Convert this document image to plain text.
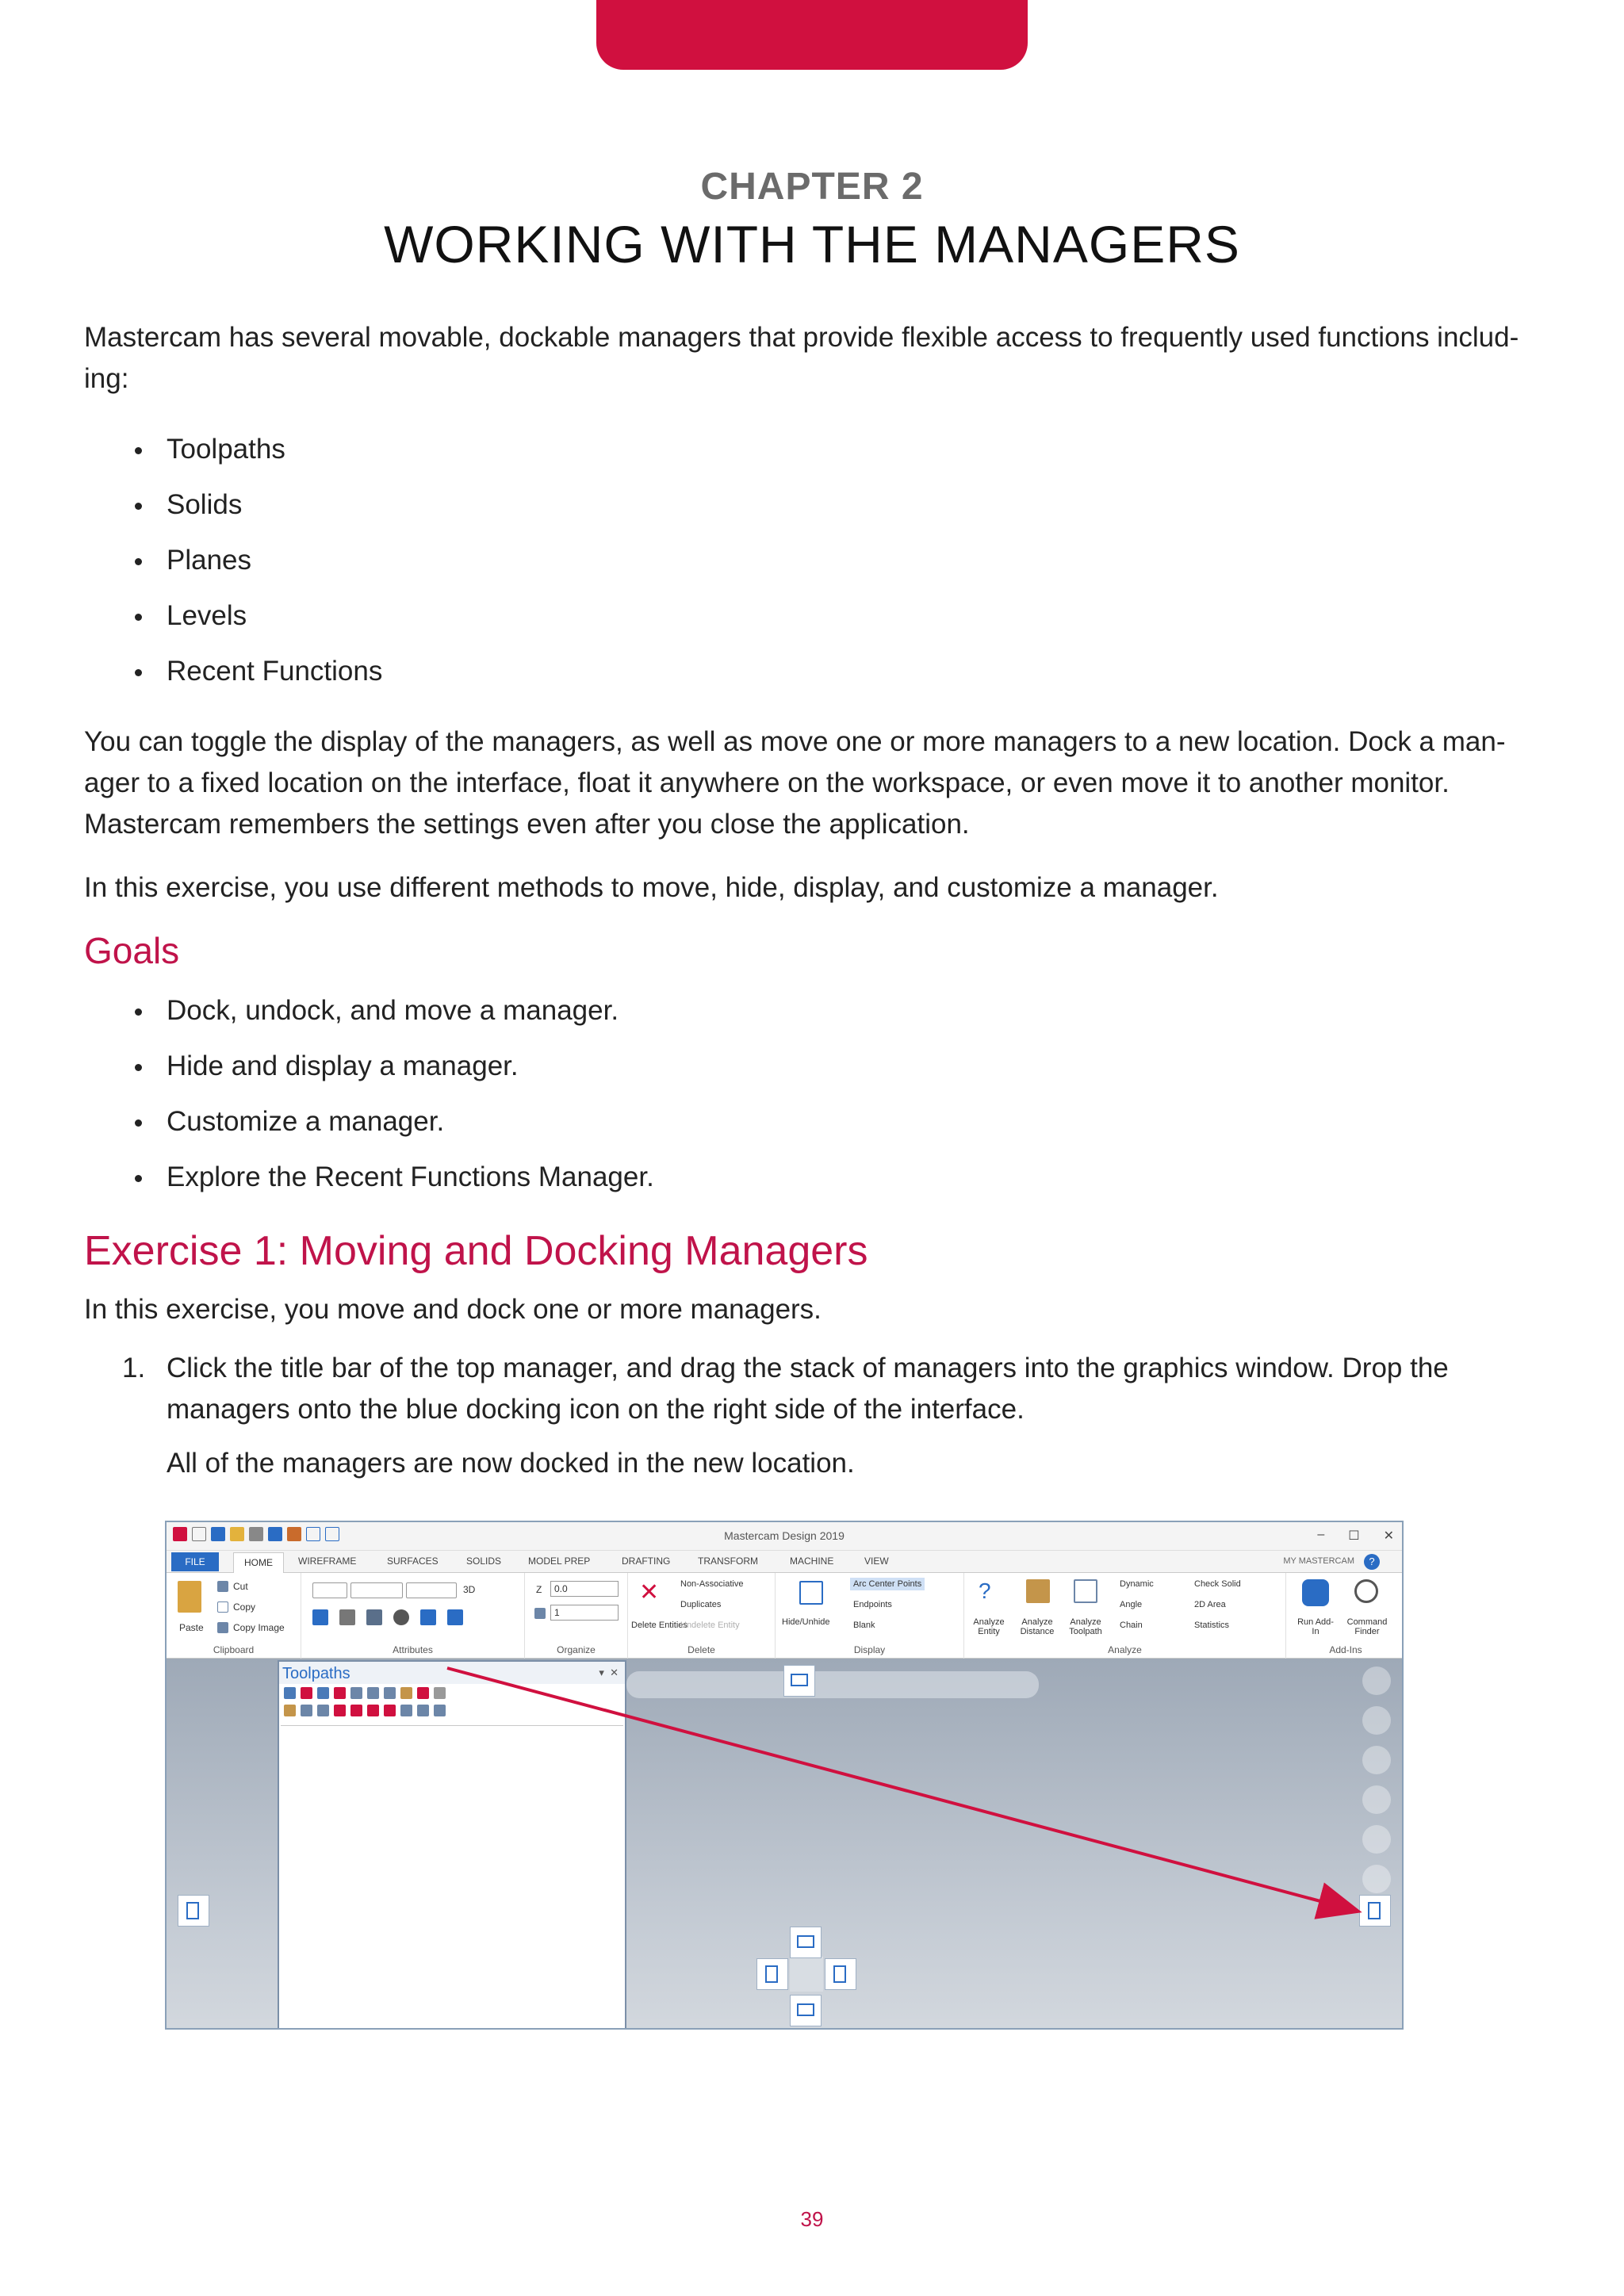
CHAPTER 2
WORKING WITH THE MANAGERS

Mastercam has several movable, dockable managers that provide flexible access to frequently used functions includ-ing:

Toolpaths
Solids
Planes
Levels
Recent Functions

You can toggle the display of the managers, as well as move one or more managers to a new location. Dock a man-ager to a fixed location on the interface, float it anywhere on the workspace, or even move it to another monitor. Mastercam remembers the settings even after you close the application.

In this exercise, you use different methods to move, hide, display, and customize a manager.

Goals
Dock, undock, and move a manager.
Hide and display a manager.
Customize a manager.
Explore the Recent Functions Manager.
Exercise 1: Moving and Docking Managers

In this exercise, you move and dock one or more managers.

1. Click the title bar of the top manager, and drag the stack of managers into the graphics window. Drop the managers onto the blue docking icon on the right side of the interface.

All of the managers are now docked in the new location.

Mastercam Design 2019	– ☐ ✕
FILE	HOME	WIREFRAME	SURFACES	SOLIDS	MODEL PREP	DRAFTING	TRANSFORM	MACHINE	VIEW	MY MASTERCAM	?
Paste
Cut
Copy
Copy Image
Clipboard
3D
Attributes
Z	0.0
1
Organize
✕
Delete Entities
Non-Associative
Duplicates
Undelete Entity
Delete
Hide/Unhide
Arc Center Points
Endpoints
Blank
Display
?
Analyze Entity
Analyze Distance
Analyze Toolpath
Dynamic
Angle
Chain
Check Solid
2D Area
Statistics
Analyze
Run Add-In
Command Finder
Add-Ins
Toolpaths	▾  ✕
39
